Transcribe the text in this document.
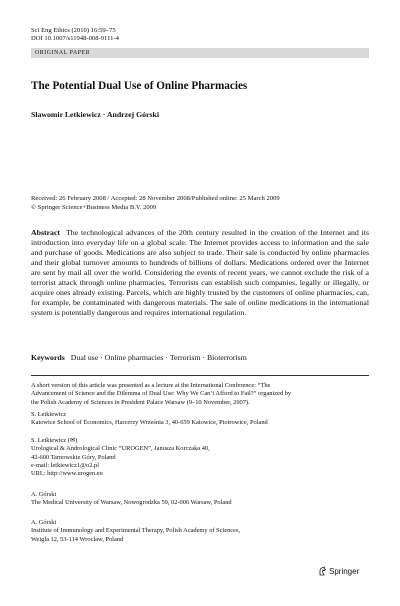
Sci Eng Ethics (2010) 16:59–75
DOI 10.1007/s11948-008-9111-4
ORIGINAL PAPER
The Potential Dual Use of Online Pharmacies
Sławomir Letkiewicz · Andrzej Górski
Received: 26 February 2008 / Accepted: 28 November 2008/Published online: 25 March 2009
© Springer Science+Business Media B.V. 2009
Abstract The technological advances of the 20th century resulted in the creation of the Internet and its introduction into everyday life on a global scale. The Internet provides access to information and the sale and purchase of goods. Medications are also subject to trade. Their sale is conducted by online pharmacies and their global turnover amounts to hundreds of billions of dollars. Medications ordered over the Internet are sent by mail all over the world. Considering the events of recent years, we cannot exclude the risk of a terrorist attack through online pharmacies. Terrorists can establish such companies, legally or illegally, or acquire ones already existing. Parcels, which are highly trusted by the customers of online pharmacies, can, for example, be contaminated with dangerous materials. The sale of online medications in the international system is potentially dangerous and requires international regulation.
Keywords Dual use · Online pharmacies · Terrorism · Bioterrorism
A short version of this article was presented as a lecture at the International Conference: “The
Advancement of Science and the Dilemma of Dual Use: Why We Can’t Afford to Fail?” organized by
the Polish Academy of Sciences in President Palace Warsaw (9–10 November, 2007).
S. Letkiewicz
Katowice School of Economics, Harcerzy Września 3, 40-659 Katowice, Piotrowice, Poland
S. Letkiewicz (✉)
Urological & Andrological Clinic “UROGEN”, Janusza Korczaka 40,
42-600 Tarnowskie Góry, Poland
e-mail: letkiewicz1@o2.pl
URL: http://www.urogen.eu
A. Górski
The Medical University of Warsaw, Nowogrodzka 59, 02-006 Warsaw, Poland
A. Górski
Institute of Immunology and Experimental Therapy, Polish Academy of Sciences,
Weigla 12, 53-114 Wroclaw, Poland
Springer
